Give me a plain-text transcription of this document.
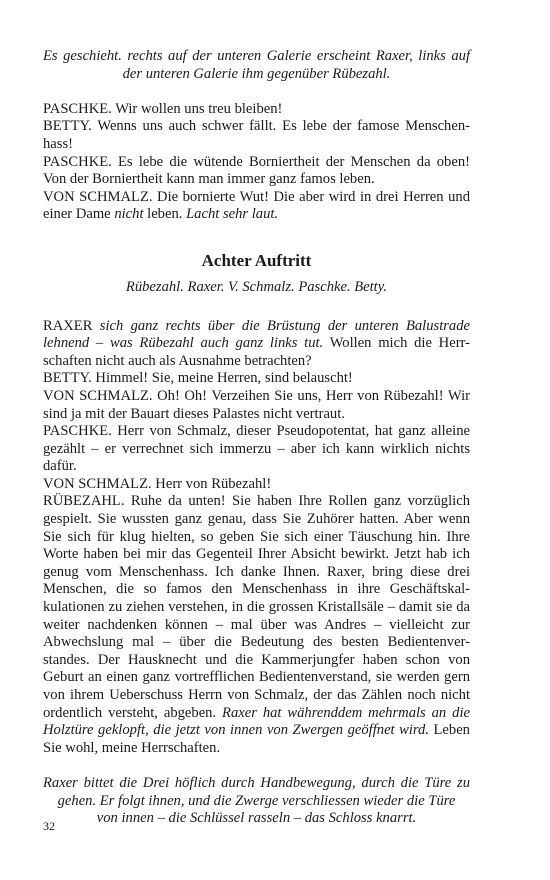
Es geschieht. rechts auf der unteren Galerie erscheint Raxer, links auf
der unteren Galerie ihm gegenüber Rübezahl.

PASCHKE. Wir wollen uns treu bleiben!

BETTY. Wenns uns auch schwer fällt. Es lebe der famose Menschen-hass!

PASCHKE. Es lebe die wütende Borniertheit der Menschen da oben! Von der Borniertheit kann man immer ganz famos leben.

VON SCHMALZ. Die bornierte Wut! Die aber wird in drei Herren und einer Dame nicht leben. Lacht sehr laut.

Achter Auftritt

Rübezahl. Raxer. V. Schmalz. Paschke. Betty.

RAXER sich ganz rechts über die Brüstung der unteren Balustrade lehnend – was Rübezahl auch ganz links tut. Wollen mich die Herr-schaften nicht auch als Ausnahme betrachten?

BETTY. Himmel! Sie, meine Herren, sind belauscht!

VON SCHMALZ. Oh! Oh! Verzeihen Sie uns, Herr von Rübezahl! Wir sind ja mit der Bauart dieses Palastes nicht vertraut.

PASCHKE. Herr von Schmalz, dieser Pseudopotentat, hat ganz alleine gezählt – er verrechnet sich immerzu – aber ich kann wirklich nichts dafür.

VON SCHMALZ. Herr von Rübezahl!

RÜBEZAHL. Ruhe da unten! Sie haben Ihre Rollen ganz vorzüglich gespielt. Sie wussten ganz genau, dass Sie Zuhörer hatten. Aber wenn Sie sich für klug hielten, so geben Sie sich einer Täuschung hin. Ihre Worte haben bei mir das Gegenteil Ihrer Absicht bewirkt. Jetzt hab ich genug vom Menschenhass. Ich danke Ihnen. Raxer, bring diese drei Menschen, die so famos den Menschenhass in ihre Geschäftskal-kulationen zu ziehen verstehen, in die grossen Kristallsäle – damit sie da weiter nachdenken können – mal über was Andres – vielleicht zur Abwechslung mal – über die Bedeutung des besten Bedientenver-standes. Der Hausknecht und die Kammerjungfer haben schon von Geburt an einen ganz vortrefflichen Bedientenverstand, sie werden gern von ihrem Ueberschuss Herrn von Schmalz, der das Zählen noch nicht ordentlich versteht, abgeben. Raxer hat währenddem mehrmals an die Holztüre geklopft, die jetzt von innen von Zwergen geöffnet wird. Leben Sie wohl, meine Herrschaften.

Raxer bittet die Drei höflich durch Handbewegung, durch die Türe zu
gehen. Er folgt ihnen, und die Zwerge verschliessen wieder die Türe
von innen – die Schlüssel rasseln – das Schloss knarrt.
32
